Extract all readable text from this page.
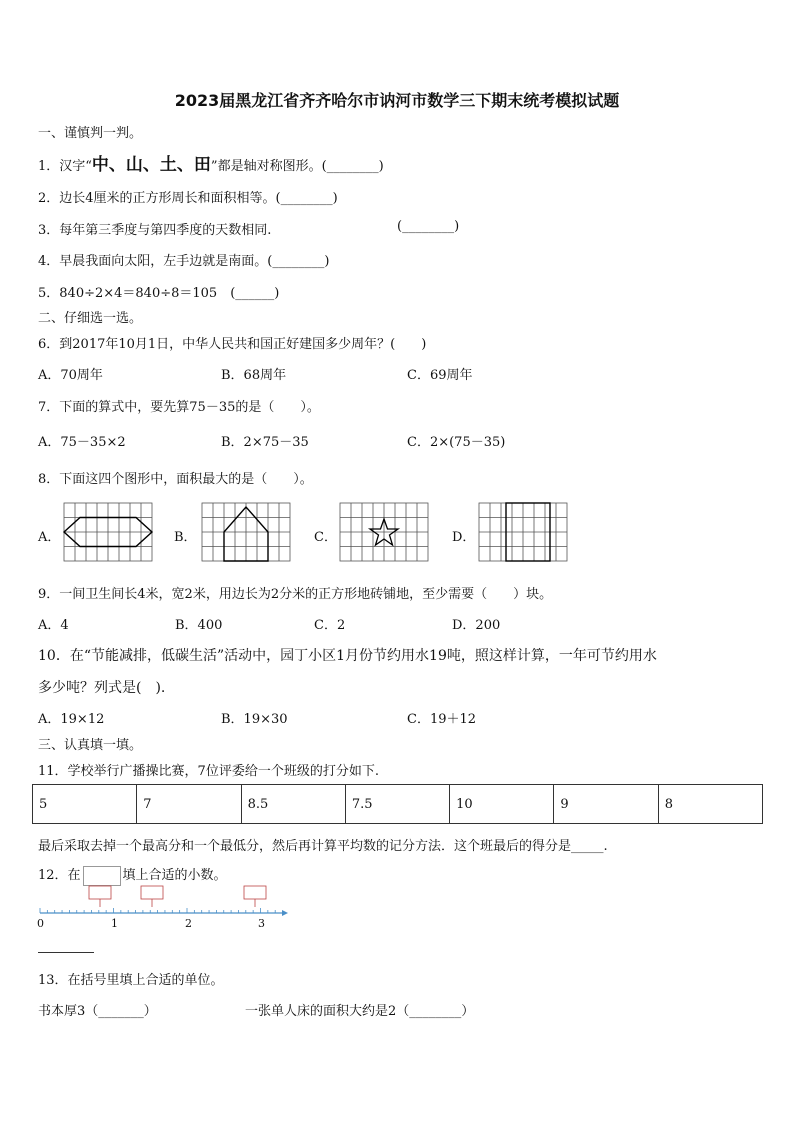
2023届黑龙江省齐齐哈尔市讷河市数学三下期末统考模拟试题
一、谨慎判一判。
1．汉字“中、山、土、田”都是轴对称图形。(________)
2．边长4厘米的正方形周长和面积相等。(________)
3．每年第三季度与第四季度的天数相同.	(________)
4．早晨我面向太阳，左手边就是南面。(________)
5．840÷2×4＝840÷8＝105　(______)
二、仔细选一选。
6．到2017年10月1日，中华人民共和国正好建国多少周年？(　　)
A．70周年	B．68周年	C．69周年
7．下面的算式中，要先算75－35的是（　　）。
A．75－35×2	B．2×75－35	C．2×(75－35)
8．下面这四个图形中，面积最大的是（　　）。
A．	B．	C．	D．
9．一间卫生间长4米，宽2米，用边长为2分米的正方形地砖铺地，至少需要（　　）块。
A．4	B．400	C．2	D．200
10．在“节能减排，低碳生活”活动中，园丁小区1月份节约用水19吨，照这样计算，一年可节约用水
多少吨？列式是(　).
A．19×12	B．19×30	C．19＋12
三、认真填一填。
11．学校举行广播操比赛，7位评委给一个班级的打分如下.
5	7	8.5	7.5	10	9	8
最后采取去掉一个最高分和一个最低分，然后再计算平均数的记分方法．这个班最后的得分是_____.
12．在	填上合适的小数。
0	1	2	3
13．在括号里填上合适的单位。
书本厚3（_______）	一张单人床的面积大约是2（________）
